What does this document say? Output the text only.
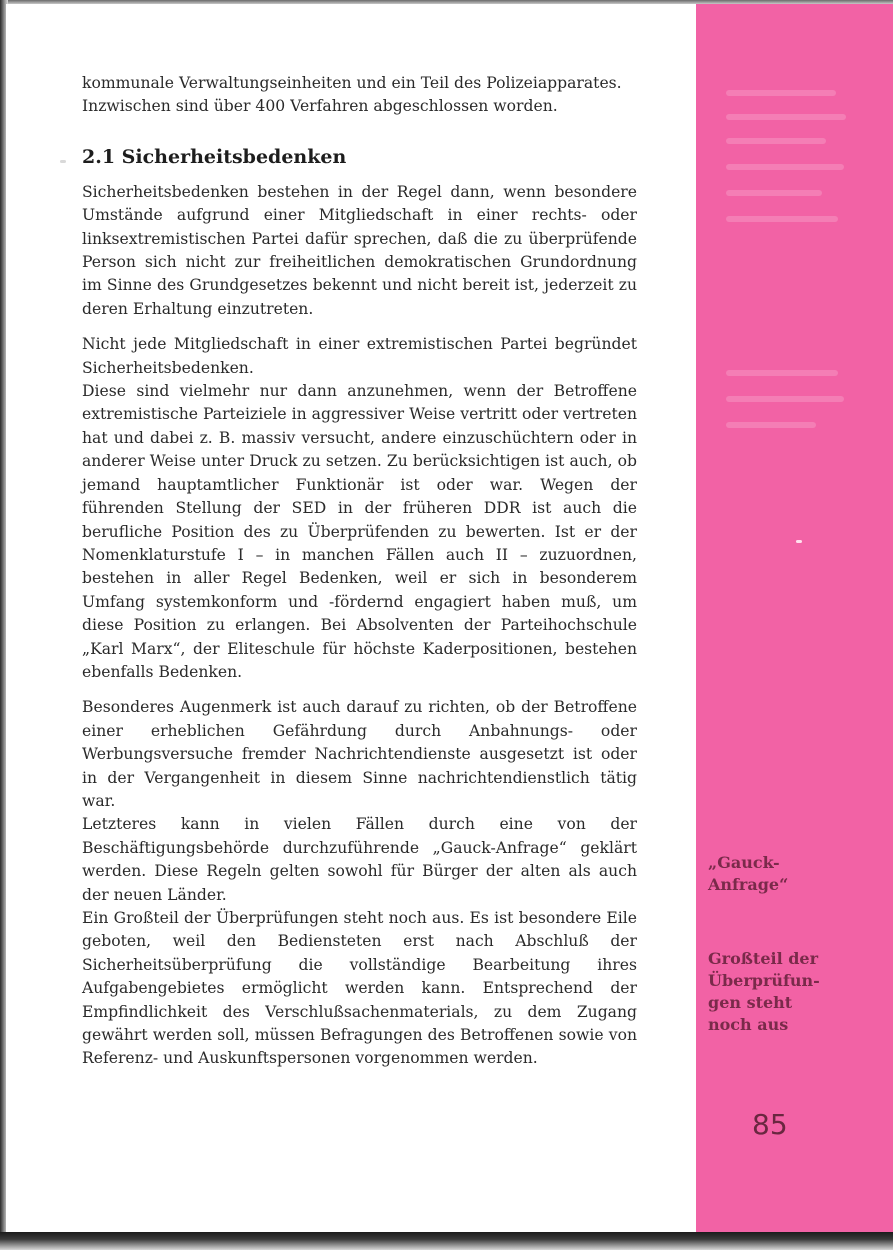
kommunale Verwaltungseinheiten und ein Teil des Polizeiapparates.

Inzwischen sind über 400 Verfahren abgeschlossen worden.

2.1 Sicherheitsbedenken

Sicherheitsbedenken bestehen in der Regel dann, wenn besondere Umstände aufgrund einer Mitgliedschaft in einer rechts- oder linksextremistischen Partei dafür sprechen, daß die zu überprüfende Person sich nicht zur freiheitlichen demokratischen Grundordnung im Sinne des Grundgesetzes bekennt und nicht bereit ist, jederzeit zu deren Erhaltung einzutreten.

Nicht jede Mitgliedschaft in einer extremistischen Partei begründet Sicherheitsbedenken.

Diese sind vielmehr nur dann anzunehmen, wenn der Betroffene extremistische Parteiziele in aggressiver Weise vertritt oder vertreten hat und dabei z. B. massiv versucht, andere einzuschüchtern oder in anderer Weise unter Druck zu setzen. Zu berücksichtigen ist auch, ob jemand hauptamtlicher Funktionär ist oder war. Wegen der führenden Stellung der SED in der früheren DDR ist auch die berufliche Position des zu Überprüfenden zu bewerten. Ist er der Nomenklaturstufe I – in manchen Fällen auch II – zuzuordnen, bestehen in aller Regel Bedenken, weil er sich in besonderem Umfang systemkonform und -fördernd engagiert haben muß, um diese Position zu erlangen. Bei Absolventen der Parteihochschule „Karl Marx“, der Eliteschule für höchste Kaderpositionen, bestehen ebenfalls Bedenken.

Besonderes Augenmerk ist auch darauf zu richten, ob der Betroffene einer erheblichen Gefährdung durch Anbahnungs- oder Werbungsversuche fremder Nachrichtendienste ausgesetzt ist oder in der Vergangenheit in diesem Sinne nachrichtendienstlich tätig war.

Letzteres kann in vielen Fällen durch eine von der Beschäftigungsbehörde durchzuführende „Gauck-Anfrage“ geklärt werden. Diese Regeln gelten sowohl für Bürger der alten als auch der neuen Länder.

Ein Großteil der Überprüfungen steht noch aus. Es ist besondere Eile geboten, weil den Bediensteten erst nach Abschluß der Sicherheitsüberprüfung die vollständige Bearbeitung ihres Aufgabengebietes ermöglicht werden kann. Entsprechend der Empfindlichkeit des Verschlußsachenmaterials, zu dem Zugang gewährt werden soll, müssen Befragungen des Betroffenen sowie von Referenz- und Auskunftspersonen vorgenommen werden.

„Gauck-
Anfrage“
Großteil der
Überprüfun-
gen steht
noch aus
85
